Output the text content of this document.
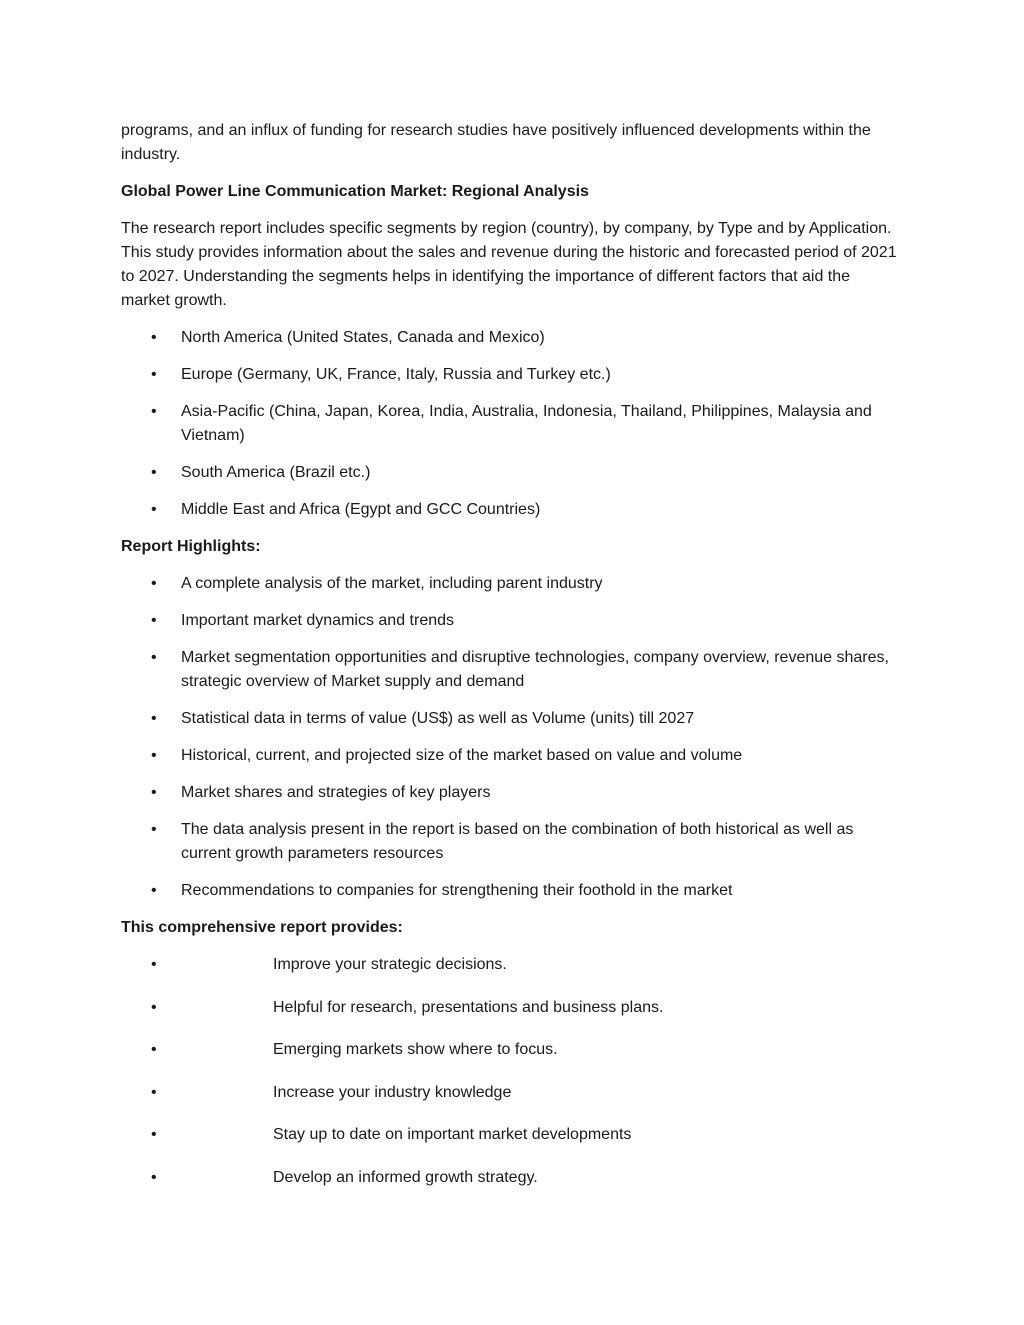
programs, and an influx of funding for research studies have positively influenced developments within the industry.

Global Power Line Communication Market: Regional Analysis

The research report includes specific segments by region (country), by company, by Type and by Application. This study provides information about the sales and revenue during the historic and forecasted period of 2021 to 2027. Understanding the segments helps in identifying the importance of different factors that aid the market growth.

• North America (United States, Canada and Mexico)
• Europe (Germany, UK, France, Italy, Russia and Turkey etc.)
• Asia-Pacific (China, Japan, Korea, India, Australia, Indonesia, Thailand, Philippines, Malaysia and Vietnam)
• South America (Brazil etc.)
• Middle East and Africa (Egypt and GCC Countries)

Report Highlights:

• A complete analysis of the market, including parent industry
• Important market dynamics and trends
• Market segmentation opportunities and disruptive technologies, company overview, revenue shares, strategic overview of Market supply and demand
• Statistical data in terms of value (US$) as well as Volume (units) till 2027
• Historical, current, and projected size of the market based on value and volume
• Market shares and strategies of key players
• The data analysis present in the report is based on the combination of both historical as well as current growth parameters resources
• Recommendations to companies for strengthening their foothold in the market

This comprehensive report provides:

•	Improve your strategic decisions.
•	Helpful for research, presentations and business plans.
•	Emerging markets show where to focus.
•	Increase your industry knowledge
•	Stay up to date on important market developments
•	Develop an informed growth strategy.
